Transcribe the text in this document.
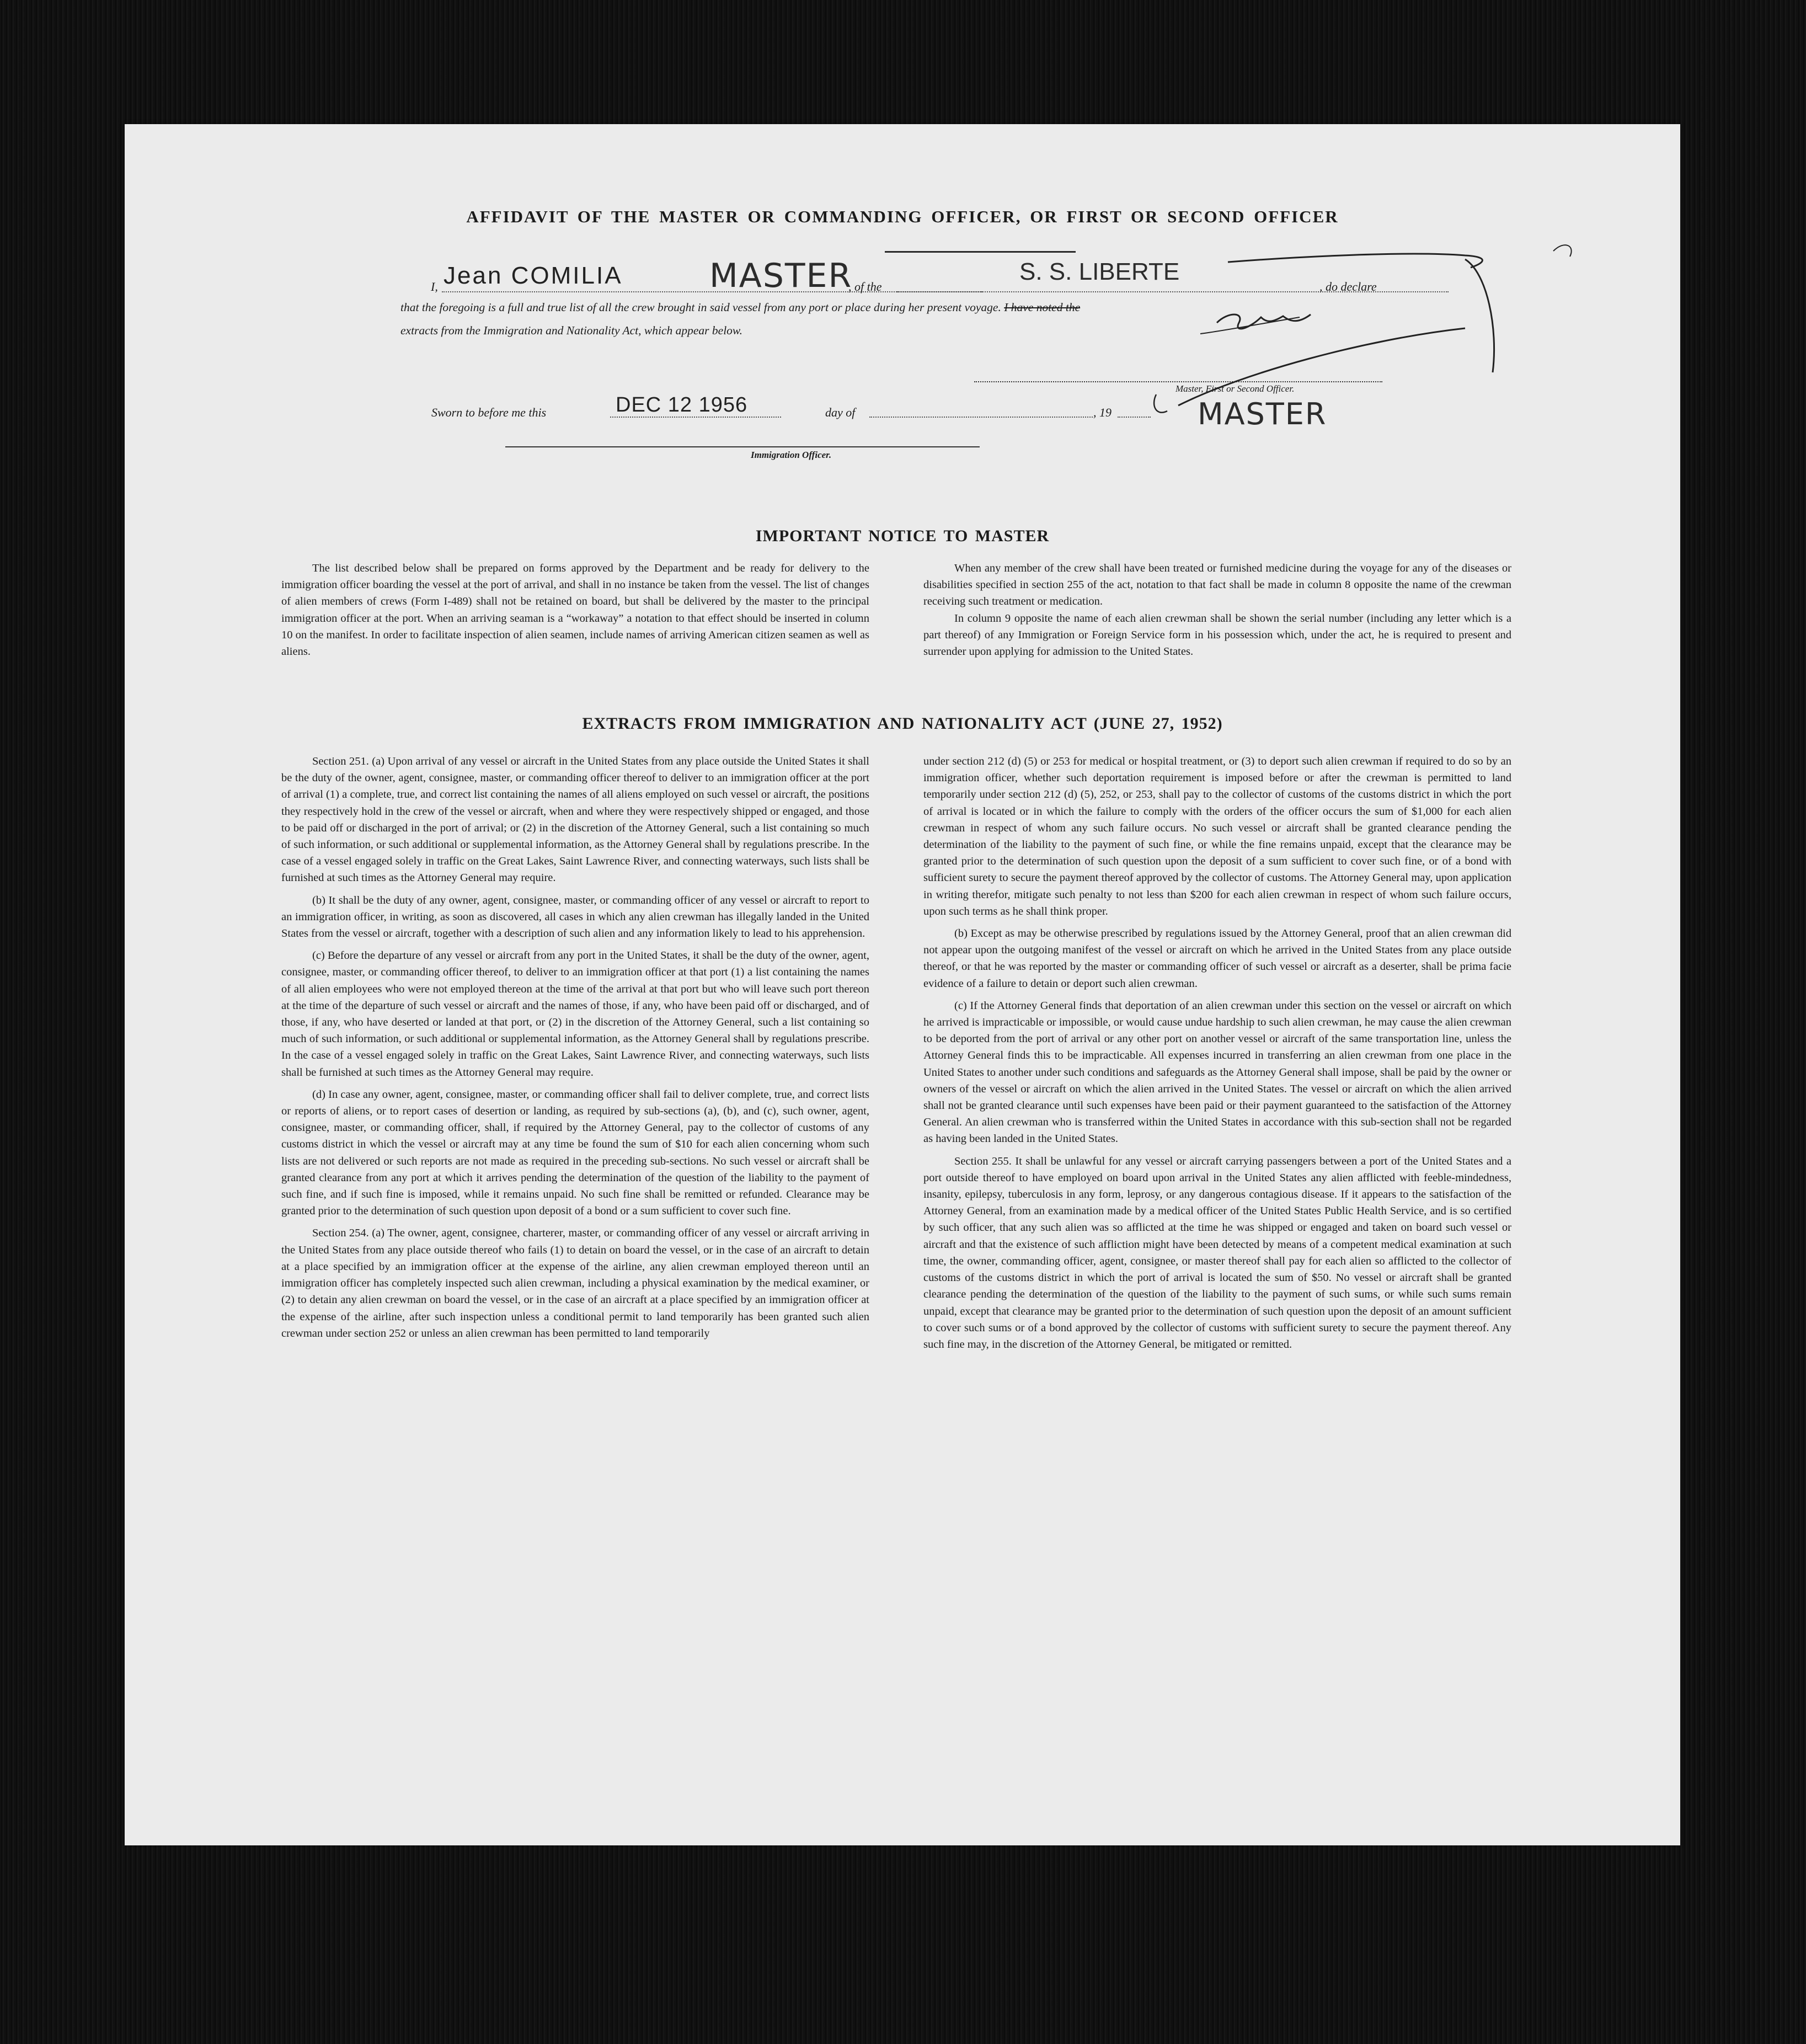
AFFIDAVIT OF THE MASTER OR COMMANDING OFFICER, OR FIRST OR SECOND OFFICER
I, Jean COMILIA	MASTER
, of the
S. S. LIBERTE
, do declare
that the foregoing is a full and true list of all the crew brought in said vessel from any port or place during her present voyage. I have noted the
extracts from the Immigration and Nationality Act, which appear below.
Sworn to before me this	DEC 12 1956	day of	, 19
Master, First or Second Officer.
MASTER
Immigration Officer.
IMPORTANT NOTICE TO MASTER

The list described below shall be prepared on forms approved by the Department and be ready for delivery to the immigration officer boarding the vessel at the port of arrival, and shall in no instance be taken from the vessel. The list of changes of alien members of crews (Form I-489) shall not be retained on board, but shall be delivered by the master to the principal immigration officer at the port. When an arriving seaman is a “workaway” a notation to that effect should be inserted in column 10 on the manifest. In order to facilitate inspection of alien seamen, include names of arriving American citizen seamen as well as aliens.

When any member of the crew shall have been treated or furnished medicine during the voyage for any of the diseases or disabilities specified in section 255 of the act, notation to that fact shall be made in column 8 opposite the name of the crewman receiving such treatment or medication.

In column 9 opposite the name of each alien crewman shall be shown the serial number (including any letter which is a part thereof) of any Immigration or Foreign Service form in his possession which, under the act, he is required to present and surrender upon applying for admission to the United States.

EXTRACTS FROM IMMIGRATION AND NATIONALITY ACT (JUNE 27, 1952)

Section 251. (a) Upon arrival of any vessel or aircraft in the United States from any place outside the United States it shall be the duty of the owner, agent, consignee, master, or commanding officer thereof to deliver to an immigration officer at the port of arrival (1) a complete, true, and correct list containing the names of all aliens employed on such vessel or aircraft, the positions they respectively hold in the crew of the vessel or aircraft, when and where they were respectively shipped or engaged, and those to be paid off or discharged in the port of arrival; or (2) in the discretion of the Attorney General, such a list containing so much of such information, or such additional or supplemental information, as the Attorney General shall by regulations prescribe. In the case of a vessel engaged solely in traffic on the Great Lakes, Saint Lawrence River, and connecting waterways, such lists shall be furnished at such times as the Attorney General may require.

(b) It shall be the duty of any owner, agent, consignee, master, or commanding officer of any vessel or aircraft to report to an immigration officer, in writing, as soon as discovered, all cases in which any alien crewman has illegally landed in the United States from the vessel or aircraft, together with a description of such alien and any information likely to lead to his apprehension.

(c) Before the departure of any vessel or aircraft from any port in the United States, it shall be the duty of the owner, agent, consignee, master, or commanding officer thereof, to deliver to an immigration officer at that port (1) a list containing the names of all alien employees who were not employed thereon at the time of the arrival at that port but who will leave such port thereon at the time of the departure of such vessel or aircraft and the names of those, if any, who have been paid off or discharged, and of those, if any, who have deserted or landed at that port, or (2) in the discretion of the Attorney General, such a list containing so much of such information, or such additional or supplemental information, as the Attorney General shall by regulations prescribe. In the case of a vessel engaged solely in traffic on the Great Lakes, Saint Lawrence River, and connecting waterways, such lists shall be furnished at such times as the Attorney General may require.

(d) In case any owner, agent, consignee, master, or commanding officer shall fail to deliver complete, true, and correct lists or reports of aliens, or to report cases of desertion or landing, as required by sub-sections (a), (b), and (c), such owner, agent, consignee, master, or commanding officer, shall, if required by the Attorney General, pay to the collector of customs of any customs district in which the vessel or aircraft may at any time be found the sum of $10 for each alien concerning whom such lists are not delivered or such reports are not made as required in the preceding sub-sections. No such vessel or aircraft shall be granted clearance from any port at which it arrives pending the determination of the question of the liability to the payment of such fine, and if such fine is imposed, while it remains unpaid. No such fine shall be remitted or refunded. Clearance may be granted prior to the determination of such question upon deposit of a bond or a sum sufficient to cover such fine.

Section 254. (a) The owner, agent, consignee, charterer, master, or commanding officer of any vessel or aircraft arriving in the United States from any place outside thereof who fails (1) to detain on board the vessel, or in the case of an aircraft to detain at a place specified by an immigration officer at the expense of the airline, any alien crewman employed thereon until an immigration officer has completely inspected such alien crewman, including a physical examination by the medical examiner, or (2) to detain any alien crewman on board the vessel, or in the case of an aircraft at a place specified by an immigration officer at the expense of the airline, after such inspection unless a conditional permit to land temporarily has been granted such alien crewman under section 252 or unless an alien crewman has been permitted to land temporarily

under section 212 (d) (5) or 253 for medical or hospital treatment, or (3) to deport such alien crewman if required to do so by an immigration officer, whether such deportation requirement is imposed before or after the crewman is permitted to land temporarily under section 212 (d) (5), 252, or 253, shall pay to the collector of customs of the customs district in which the port of arrival is located or in which the failure to comply with the orders of the officer occurs the sum of $1,000 for each alien crewman in respect of whom any such failure occurs. No such vessel or aircraft shall be granted clearance pending the determination of the liability to the payment of such fine, or while the fine remains unpaid, except that the clearance may be granted prior to the determination of such question upon the deposit of a sum sufficient to cover such fine, or of a bond with sufficient surety to secure the payment thereof approved by the collector of customs. The Attorney General may, upon application in writing therefor, mitigate such penalty to not less than $200 for each alien crewman in respect of whom such failure occurs, upon such terms as he shall think proper.

(b) Except as may be otherwise prescribed by regulations issued by the Attorney General, proof that an alien crewman did not appear upon the outgoing manifest of the vessel or aircraft on which he arrived in the United States from any place outside thereof, or that he was reported by the master or commanding officer of such vessel or aircraft as a deserter, shall be prima facie evidence of a failure to detain or deport such alien crewman.

(c) If the Attorney General finds that deportation of an alien crewman under this section on the vessel or aircraft on which he arrived is impracticable or impossible, or would cause undue hardship to such alien crewman, he may cause the alien crewman to be deported from the port of arrival or any other port on another vessel or aircraft of the same transportation line, unless the Attorney General finds this to be impracticable. All expenses incurred in transferring an alien crewman from one place in the United States to another under such conditions and safeguards as the Attorney General shall impose, shall be paid by the owner or owners of the vessel or aircraft on which the alien arrived in the United States. The vessel or aircraft on which the alien arrived shall not be granted clearance until such expenses have been paid or their payment guaranteed to the satisfaction of the Attorney General. An alien crewman who is transferred within the United States in accordance with this sub-section shall not be regarded as having been landed in the United States.

Section 255. It shall be unlawful for any vessel or aircraft carrying passengers between a port of the United States and a port outside thereof to have employed on board upon arrival in the United States any alien afflicted with feeble-mindedness, insanity, epilepsy, tuberculosis in any form, leprosy, or any dangerous contagious disease. If it appears to the satisfaction of the Attorney General, from an examination made by a medical officer of the United States Public Health Service, and is so certified by such officer, that any such alien was so afflicted at the time he was shipped or engaged and taken on board such vessel or aircraft and that the existence of such affliction might have been detected by means of a competent medical examination at such time, the owner, commanding officer, agent, consignee, or master thereof shall pay for each alien so afflicted to the collector of customs of the customs district in which the port of arrival is located the sum of $50. No vessel or aircraft shall be granted clearance pending the determination of the question of the liability to the payment of such sums, or while such sums remain unpaid, except that clearance may be granted prior to the determination of such question upon the deposit of an amount sufficient to cover such sums or of a bond approved by the collector of customs with sufficient surety to secure the payment thereof. Any such fine may, in the discretion of the Attorney General, be mitigated or remitted.
